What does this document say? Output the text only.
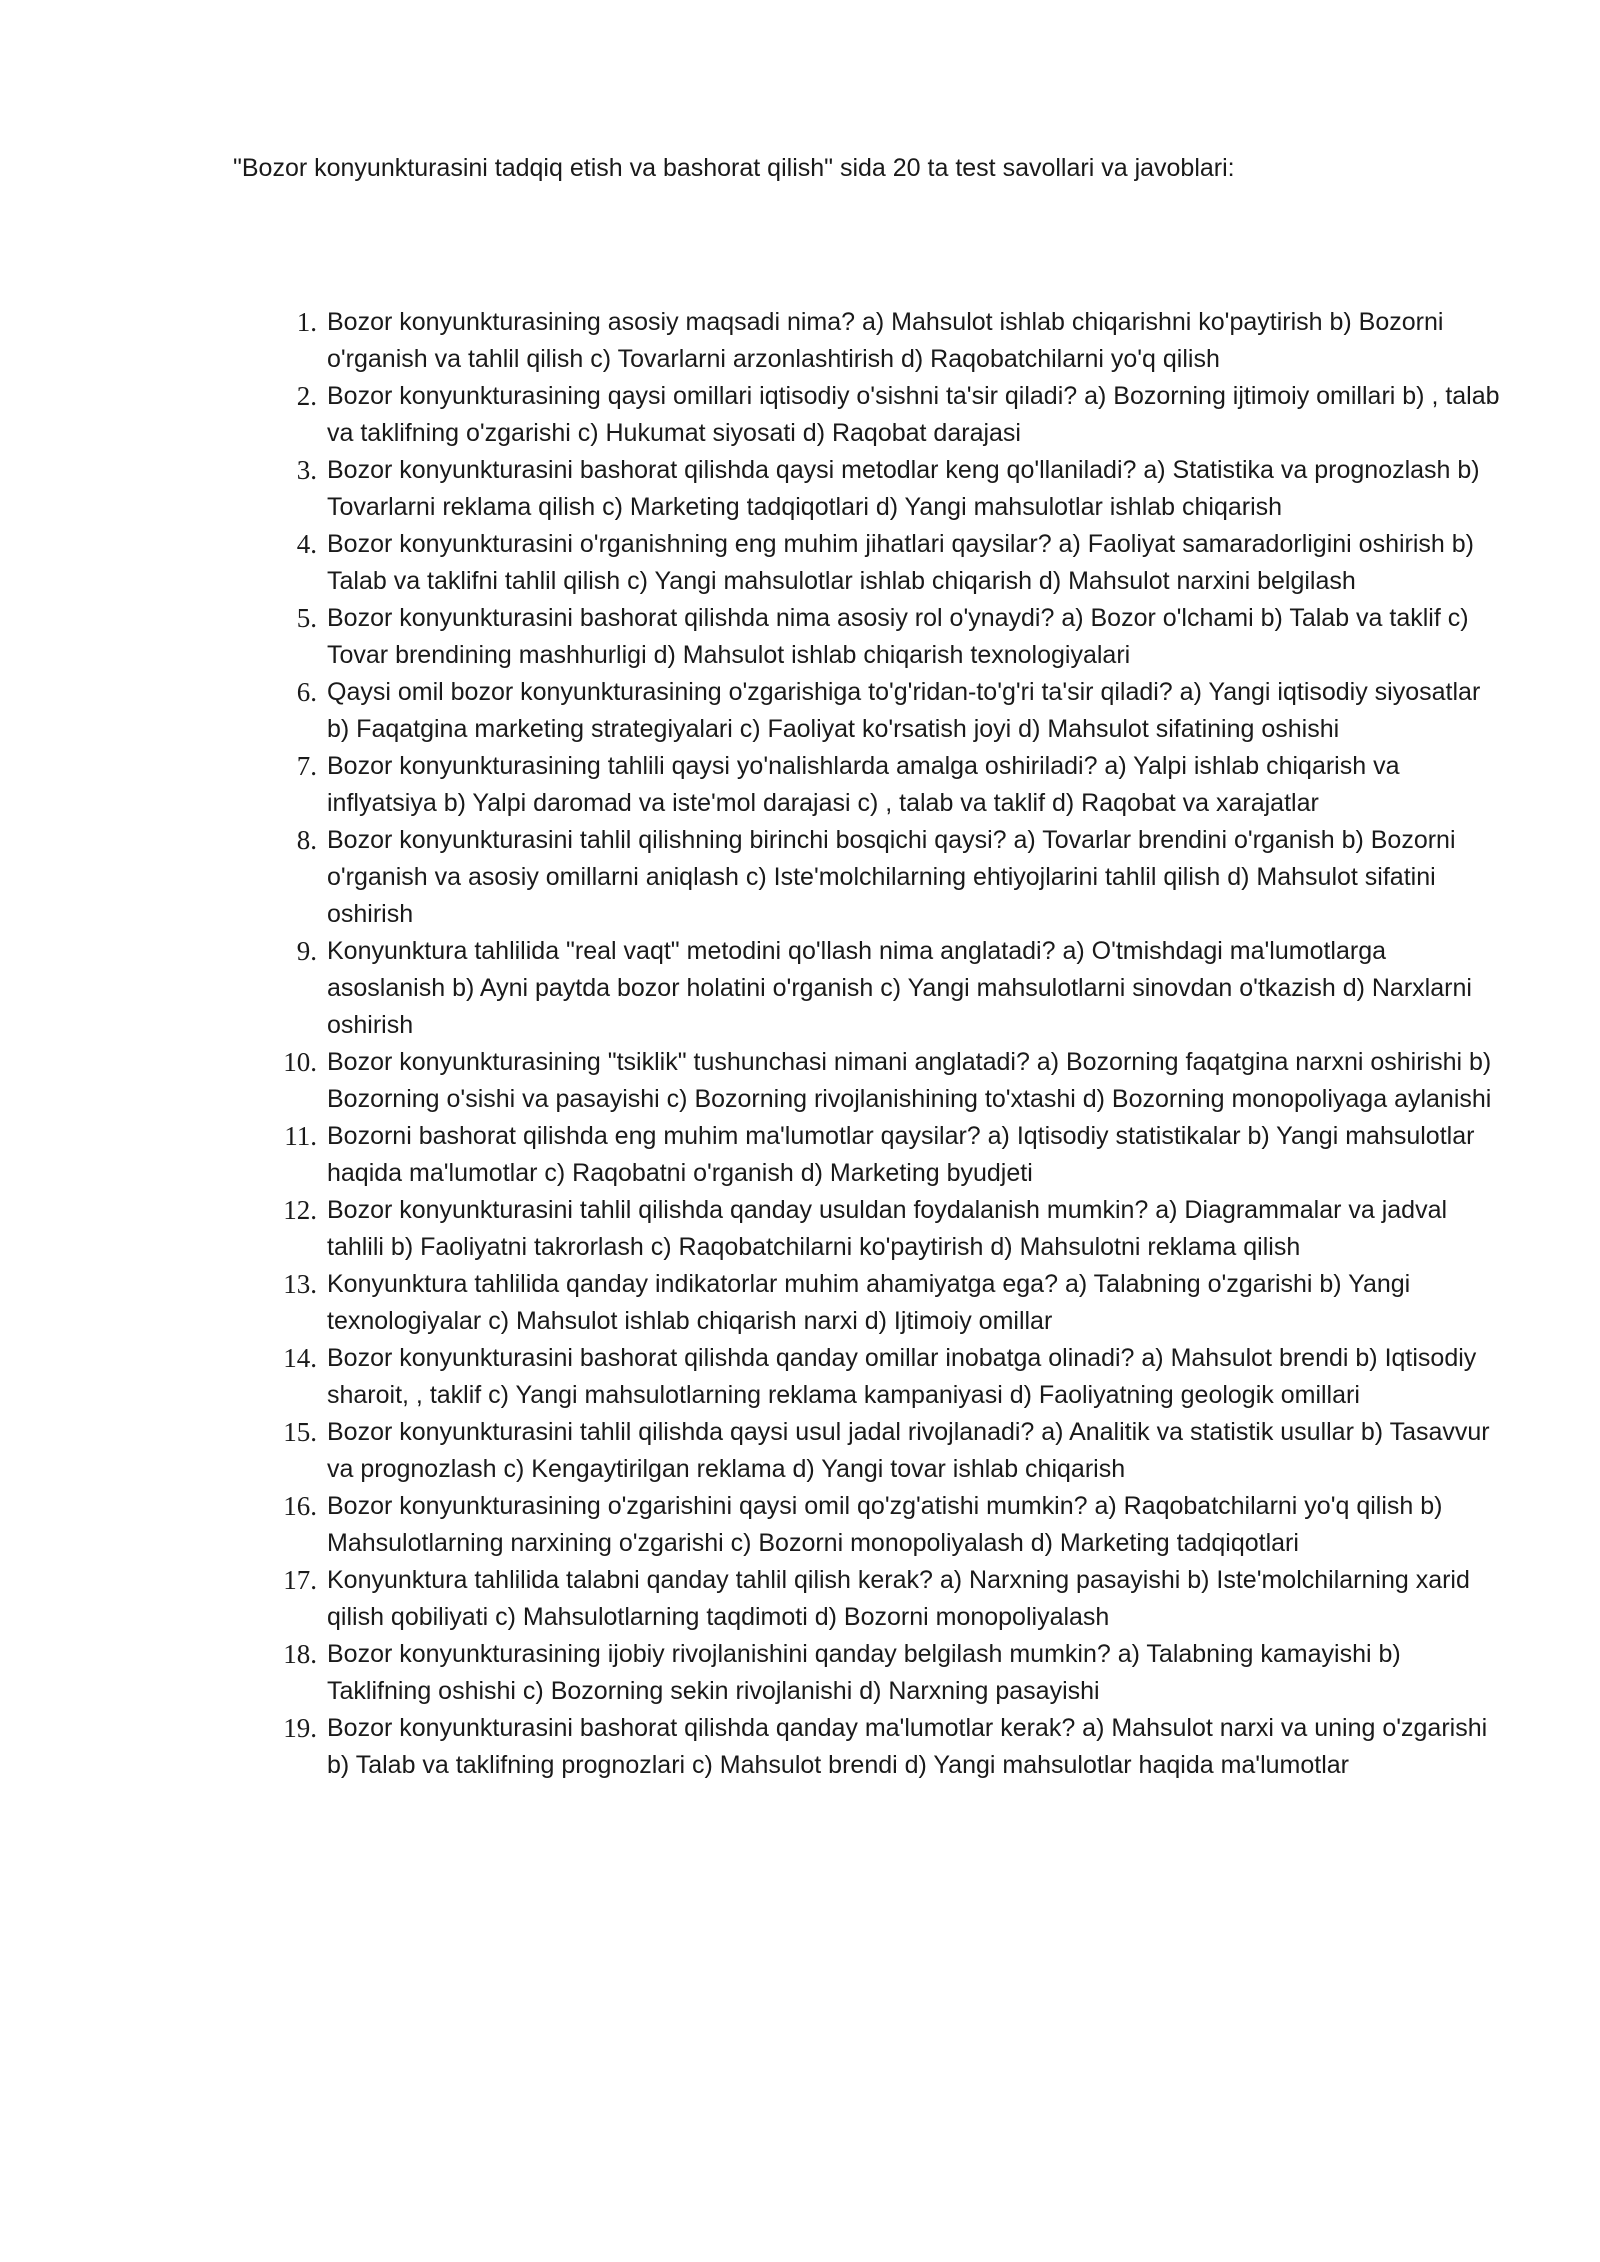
"Bozor konyunkturasini tadqiq etish va bashorat qilish" sida 20 ta test savollari va javoblari:
1. Bozor konyunkturasining asosiy maqsadi nima? a) Mahsulot ishlab chiqarishni ko'paytirish b) Bozorni o'rganish va tahlil qilish c) Tovarlarni arzonlashtirish d) Raqobatchilarni yo'q qilish
2. Bozor konyunkturasining qaysi omillari iqtisodiy o'sishni ta'sir qiladi? a) Bozorning ijtimoiy omillari b) , talab va taklifning o'zgarishi c) Hukumat siyosati d) Raqobat darajasi
3. Bozor konyunkturasini bashorat qilishda qaysi metodlar keng qo'llaniladi? a) Statistika va prognozlash b) Tovarlarni reklama qilish c) Marketing tadqiqotlari d) Yangi mahsulotlar ishlab chiqarish
4. Bozor konyunkturasini o'rganishning eng muhim jihatlari qaysilar? a) Faoliyat samaradorligini oshirish b) Talab va taklifni tahlil qilish c) Yangi mahsulotlar ishlab chiqarish d) Mahsulot narxini belgilash
5. Bozor konyunkturasini bashorat qilishda nima asosiy rol o'ynaydi? a) Bozor o'lchami b) Talab va taklif c) Tovar brendining mashhurligi d) Mahsulot ishlab chiqarish texnologiyalari
6. Qaysi omil bozor konyunkturasining o'zgarishiga to'g'ridan-to'g'ri ta'sir qiladi? a) Yangi iqtisodiy siyosatlar b) Faqatgina marketing strategiyalari c) Faoliyat ko'rsatish joyi d) Mahsulot sifatining oshishi
7. Bozor konyunkturasining tahlili qaysi yo'nalishlarda amalga oshiriladi? a) Yalpi ishlab chiqarish va inflyatsiya b) Yalpi daromad va iste'mol darajasi c) , talab va taklif d) Raqobat va xarajatlar
8. Bozor konyunkturasini tahlil qilishning birinchi bosqichi qaysi? a) Tovarlar brendini o'rganish b) Bozorni o'rganish va asosiy omillarni aniqlash c) Iste'molchilarning ehtiyojlarini tahlil qilish d) Mahsulot sifatini oshirish
9. Konyunktura tahlilida "real vaqt" metodini qo'llash nima anglatadi? a) O'tmishdagi ma'lumotlarga asoslanish b) Ayni paytda bozor holatini o'rganish c) Yangi mahsulotlarni sinovdan o'tkazish d) Narxlarni oshirish
10. Bozor konyunkturasining "tsiklik" tushunchasi nimani anglatadi? a) Bozorning faqatgina narxni oshirishi b) Bozorning o'sishi va pasayishi c) Bozorning rivojlanishining to'xtashi d) Bozorning monopoliyaga aylanishi
11. Bozorni bashorat qilishda eng muhim ma'lumotlar qaysilar? a) Iqtisodiy statistikalar b) Yangi mahsulotlar haqida ma'lumotlar c) Raqobatni o'rganish d) Marketing byudjeti
12. Bozor konyunkturasini tahlil qilishda qanday usuldan foydalanish mumkin? a) Diagrammalar va jadval tahlili b) Faoliyatni takrorlash c) Raqobatchilarni ko'paytirish d) Mahsulotni reklama qilish
13. Konyunktura tahlilida qanday indikatorlar muhim ahamiyatga ega? a) Talabning o'zgarishi b) Yangi texnologiyalar c) Mahsulot ishlab chiqarish narxi d) Ijtimoiy omillar
14. Bozor konyunkturasini bashorat qilishda qanday omillar inobatga olinadi? a) Mahsulot brendi b) Iqtisodiy sharoit, , taklif c) Yangi mahsulotlarning reklama kampaniyasi d) Faoliyatning geologik omillari
15. Bozor konyunkturasini tahlil qilishda qaysi usul jadal rivojlanadi? a) Analitik va statistik usullar b) Tasavvur va prognozlash c) Kengaytirilgan reklama d) Yangi tovar ishlab chiqarish
16. Bozor konyunkturasining o'zgarishini qaysi omil qo'zg'atishi mumkin? a) Raqobatchilarni yo'q qilish b) Mahsulotlarning narxining o'zgarishi c) Bozorni monopoliyalash d) Marketing tadqiqotlari
17. Konyunktura tahlilida talabni qanday tahlil qilish kerak? a) Narxning pasayishi b) Iste'molchilarning xarid qilish qobiliyati c) Mahsulotlarning taqdimoti d) Bozorni monopoliyalash
18. Bozor konyunkturasining ijobiy rivojlanishini qanday belgilash mumkin? a) Talabning kamayishi b) Taklifning oshishi c) Bozorning sekin rivojlanishi d) Narxning pasayishi
19. Bozor konyunkturasini bashorat qilishda qanday ma'lumotlar kerak? a) Mahsulot narxi va uning o'zgarishi b) Talab va taklifning prognozlari c) Mahsulot brendi d) Yangi mahsulotlar haqida ma'lumotlar
